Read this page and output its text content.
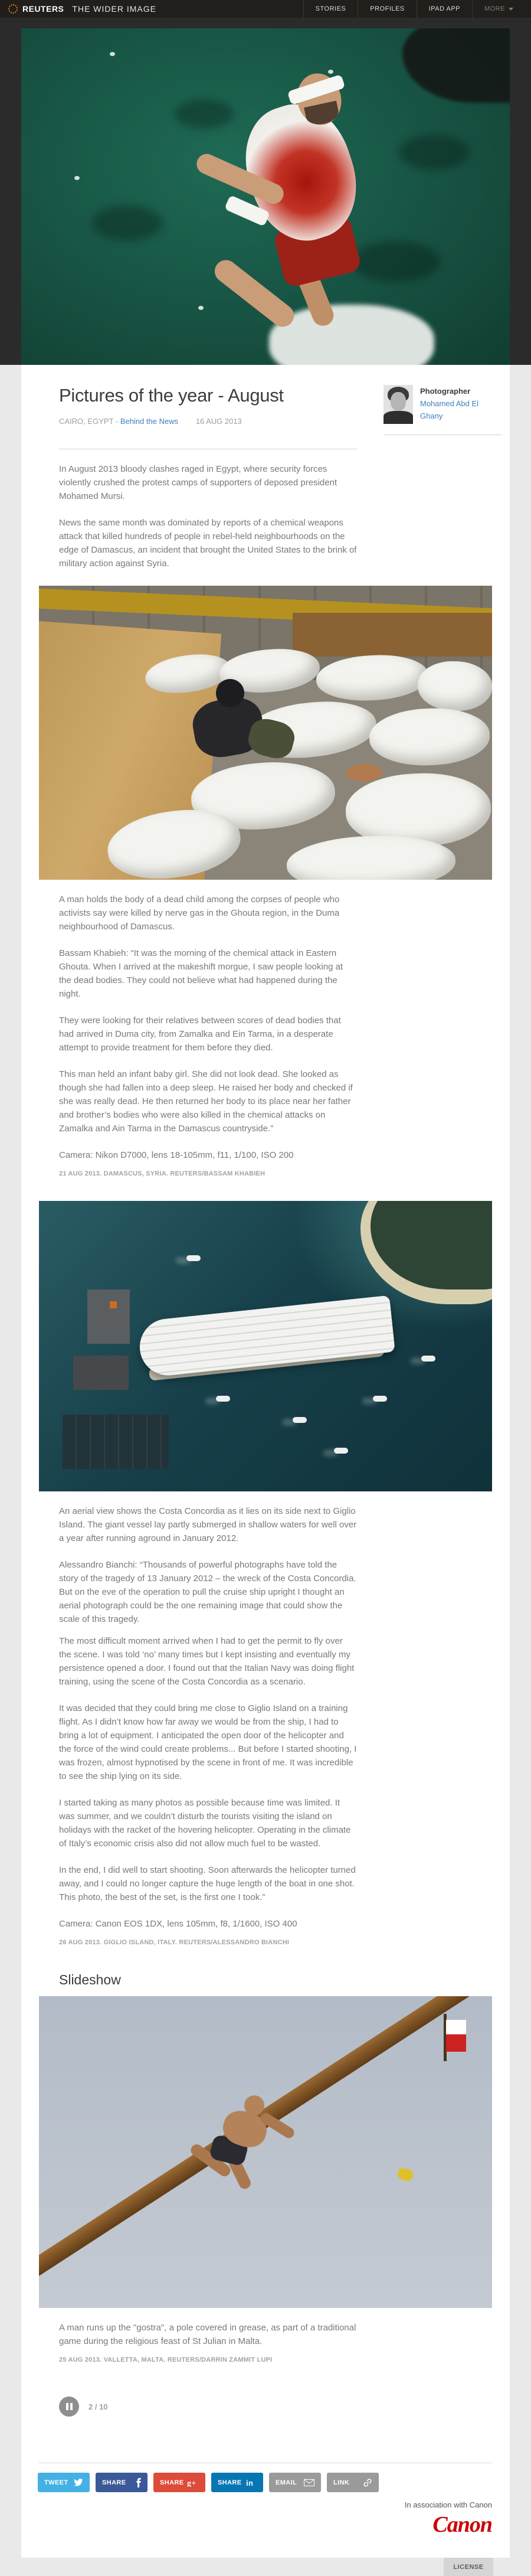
REUTERS THE WIDER IMAGE	STORIES	PROFILES	IPAD APP	MORE
Pictures of the year - August
CAIRO, EGYPT - Behind the News 16 AUG 2013
Photographer
Mohamed Abd El Ghany

In August 2013 bloody clashes raged in Egypt, where security forces violently crushed the protest camps of supporters of deposed president Mohamed Mursi.

News the same month was dominated by reports of a chemical weapons attack that killed hundreds of people in rebel-held neighbourhoods on the edge of Damascus, an incident that brought the United States to the brink of military action against Syria.

A man holds the body of a dead child among the corpses of people who activists say were killed by nerve gas in the Ghouta region, in the Duma neighbourhood of Damascus.

Bassam Khabieh: “It was the morning of the chemical attack in Eastern Ghouta. When I arrived at the makeshift morgue, I saw people looking at the dead bodies. They could not believe what had happened during the night.

They were looking for their relatives between scores of dead bodies that had arrived in Duma city, from Zamalka and Ein Tarma, in a desperate attempt to provide treatment for them before they died.

This man held an infant baby girl. She did not look dead. She looked as though she had fallen into a deep sleep. He raised her body and checked if she was really dead. He then returned her body to its place near her father and brother’s bodies who were also killed in the chemical attacks on Zamalka and Ain Tarma in the Damascus countryside.”

Camera: Nikon D7000, lens 18-105mm, f11, 1/100, ISO 200

21 AUG 2013. DAMASCUS, SYRIA. REUTERS/BASSAM KHABIEH

An aerial view shows the Costa Concordia as it lies on its side next to Giglio Island. The giant vessel lay partly submerged in shallow waters for well over a year after running aground in January 2012.

Alessandro Bianchi: “Thousands of powerful photographs have told the story of the tragedy of 13 January 2012 – the wreck of the Costa Concordia. But on the eve of the operation to pull the cruise ship upright I thought an aerial photograph could be the one remaining image that could show the scale of this tragedy.

The most difficult moment arrived when I had to get the permit to fly over the scene. I was told ‘no’ many times but I kept insisting and eventually my persistence opened a door. I found out that the Italian Navy was doing flight training, using the scene of the Costa Concordia as a scenario.

It was decided that they could bring me close to Giglio Island on a training flight. As I didn’t know how far away we would be from the ship, I had to bring a lot of equipment. I anticipated the open door of the helicopter and the force of the wind could create problems... But before I started shooting, I was frozen, almost hypnotised by the scene in front of me. It was incredible to see the ship lying on its side.

I started taking as many photos as possible because time was limited. It was summer, and we couldn’t disturb the tourists visiting the island on holidays with the racket of the hovering helicopter. Operating in the climate of Italy’s economic crisis also did not allow much fuel to be wasted.

In the end, I did well to start shooting. Soon afterwards the helicopter turned away, and I could no longer capture the huge length of the boat in one shot. This photo, the best of the set, is the first one I took.”

Camera: Canon EOS 1DX, lens 105mm, f8, 1/1600, ISO 400

26 AUG 2013. GIGLIO ISLAND, ITALY. REUTERS/ALESSANDRO BIANCHI
Slideshow

A man runs up the "gostra", a pole covered in grease, as part of a traditional game during the religious feast of St Julian in Malta.

25 AUG 2013. VALLETTA, MALTA. REUTERS/DARRIN ZAMMIT LUPI
2 / 10
TWEET	SHARE	SHARE g+	SHARE in	EMAIL	LINK
In association with Canon
Canon
LICENSE
